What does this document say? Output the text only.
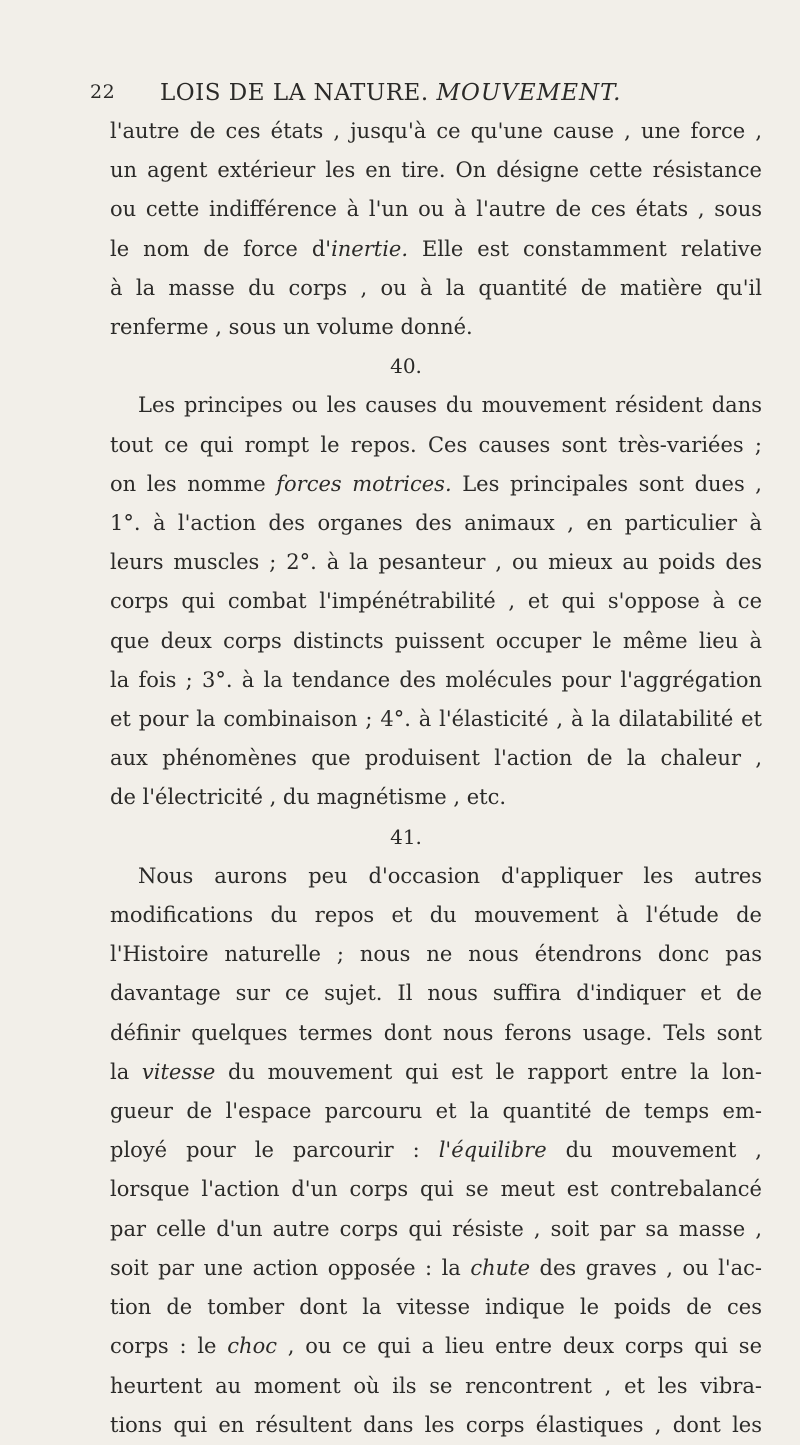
22 LOIS DE LA NATURE. MOUVEMENT.
l'autre de ces états , jusqu'à ce qu'une cause , une force ,
un agent extérieur les en tire. On désigne cette résistance
ou cette indifférence à l'un ou à l'autre de ces états , sous
le nom de force d'inertie. Elle est constamment relative
à la masse du corps , ou à la quantité de matière qu'il
renferme , sous un volume donné.
40.
Les principes ou les causes du mouvement résident dans
tout ce qui rompt le repos. Ces causes sont très-variées ;
on les nomme forces motrices. Les principales sont dues ,
1°. à l'action des organes des animaux , en particulier à
leurs muscles ; 2°. à la pesanteur , ou mieux au poids des
corps qui combat l'impénétrabilité , et qui s'oppose à ce
que deux corps distincts puissent occuper le même lieu à
la fois ; 3°. à la tendance des molécules pour l'aggrégation
et pour la combinaison ; 4°. à l'élasticité , à la dilatabilité et
aux phénomènes que produisent l'action de la chaleur ,
de l'électricité , du magnétisme , etc.
41.
Nous aurons peu d'occasion d'appliquer les autres
modifications du repos et du mouvement à l'étude de
l'Histoire naturelle ; nous ne nous étendrons donc pas
davantage sur ce sujet. Il nous suffira d'indiquer et de
définir quelques termes dont nous ferons usage. Tels sont
la vitesse du mouvement qui est le rapport entre la lon-
gueur de l'espace parcouru et la quantité de temps em-
ployé pour le parcourir : l'équilibre du mouvement ,
lorsque l'action d'un corps qui se meut est contrebalancé
par celle d'un autre corps qui résiste , soit par sa masse ,
soit par une action opposée : la chute des graves , ou l'ac-
tion de tomber dont la vitesse indique le poids de ces
corps : le choc , ou ce qui a lieu entre deux corps qui se
heurtent au moment où ils se rencontrent , et les vibra-
tions qui en résultent dans les corps élastiques , dont les
